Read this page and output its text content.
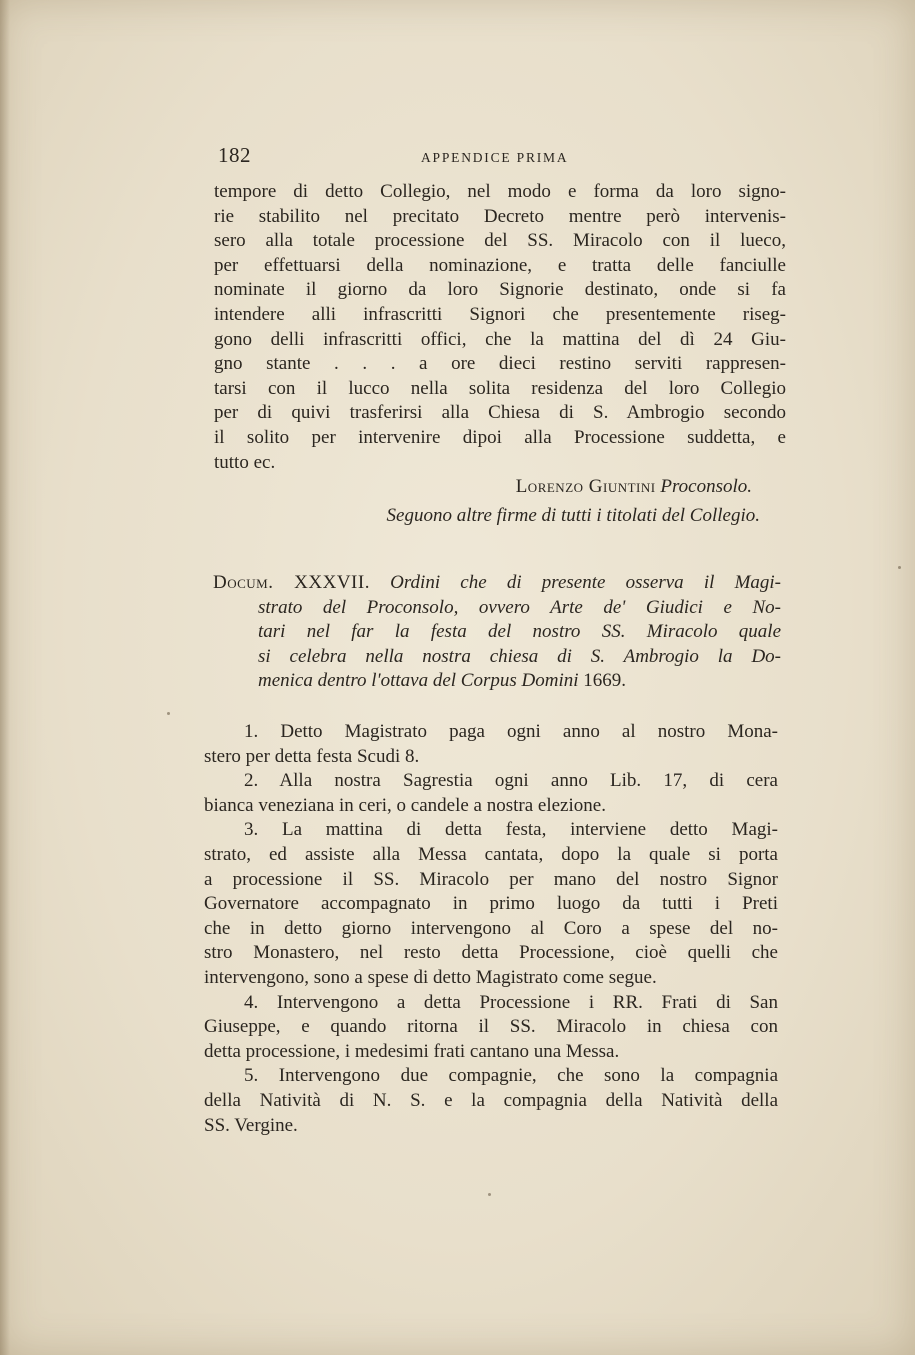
182	APPENDICE PRIMA
tempore di detto Collegio, nel modo e forma da loro signo-
rie stabilito nel precitato Decreto mentre però intervenis-
sero alla totale processione del SS. Miracolo con il lueco,
per effettuarsi della nominazione, e tratta delle fanciulle
nominate il giorno da loro Signorie destinato, onde si fa
intendere alli infrascritti Signori che presentemente riseg-
gono delli infrascritti offici, che la mattina del dì 24 Giu-
gno stante . . . a ore dieci restino serviti rappresen-
tarsi con il lucco nella solita residenza del loro Collegio
per di quivi trasferirsi alla Chiesa di S. Ambrogio secondo
il solito per intervenire dipoi alla Processione suddetta, e
tutto ec.
Lorenzo Giuntini Proconsolo.
Seguono altre firme di tutti i titolati del Collegio.
Docum. XXXVII. Ordini che di presente osserva il Magi-
strato del Proconsolo, ovvero Arte de' Giudici e No-
tari nel far la festa del nostro SS. Miracolo quale
si celebra nella nostra chiesa di S. Ambrogio la Do-
menica dentro l'ottava del Corpus Domini 1669.
1. Detto Magistrato paga ogni anno al nostro Mona-
stero per detta festa Scudi 8.
2. Alla nostra Sagrestia ogni anno Lib. 17, di cera
bianca veneziana in ceri, o candele a nostra elezione.
3. La mattina di detta festa, interviene detto Magi-
strato, ed assiste alla Messa cantata, dopo la quale si porta
a processione il SS. Miracolo per mano del nostro Signor
Governatore accompagnato in primo luogo da tutti i Preti
che in detto giorno intervengono al Coro a spese del no-
stro Monastero, nel resto detta Processione, cioè quelli che
intervengono, sono a spese di detto Magistrato come segue.
4. Intervengono a detta Processione i RR. Frati di San
Giuseppe, e quando ritorna il SS. Miracolo in chiesa con
detta processione, i medesimi frati cantano una Messa.
5. Intervengono due compagnie, che sono la compagnia
della Natività di N. S. e la compagnia della Natività della
SS. Vergine.
